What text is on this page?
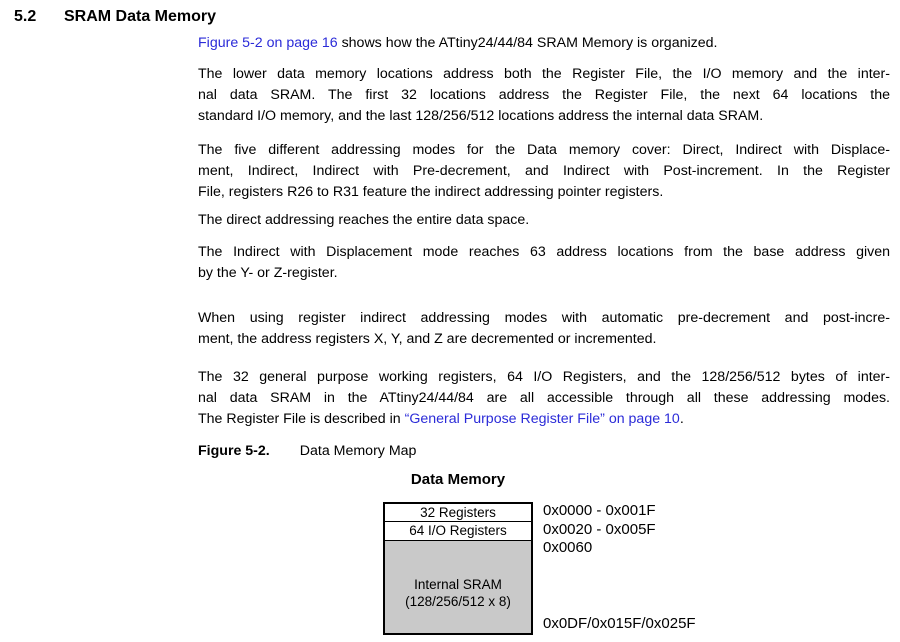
5.2 SRAM Data Memory
Figure 5-2 on page 16 shows how the ATtiny24/44/84 SRAM Memory is organized.
The lower data memory locations address both the Register File, the I/O memory and the inter-
nal data SRAM. The first 32 locations address the Register File, the next 64 locations the
standard I/O memory, and the last 128/256/512 locations address the internal data SRAM.
The five different addressing modes for the Data memory cover: Direct, Indirect with Displace-
ment, Indirect, Indirect with Pre-decrement, and Indirect with Post-increment. In the Register
File, registers R26 to R31 feature the indirect addressing pointer registers.
The direct addressing reaches the entire data space.
The Indirect with Displacement mode reaches 63 address locations from the base address given
by the Y- or Z-register.
When using register indirect addressing modes with automatic pre-decrement and post-incre-
ment, the address registers X, Y, and Z are decremented or incremented.
The 32 general purpose working registers, 64 I/O Registers, and the 128/256/512 bytes of inter-
nal data SRAM in the ATtiny24/44/84 are all accessible through all these addressing modes.
The Register File is described in “General Purpose Register File” on page 10.
Figure 5-2. Data Memory Map
Data Memory
32 Registers
64 I/O Registers
Internal SRAM
(128/256/512 x 8)
0x0000 - 0x001F
0x0020 - 0x005F
0x0060
0x0DF/0x015F/0x025F
